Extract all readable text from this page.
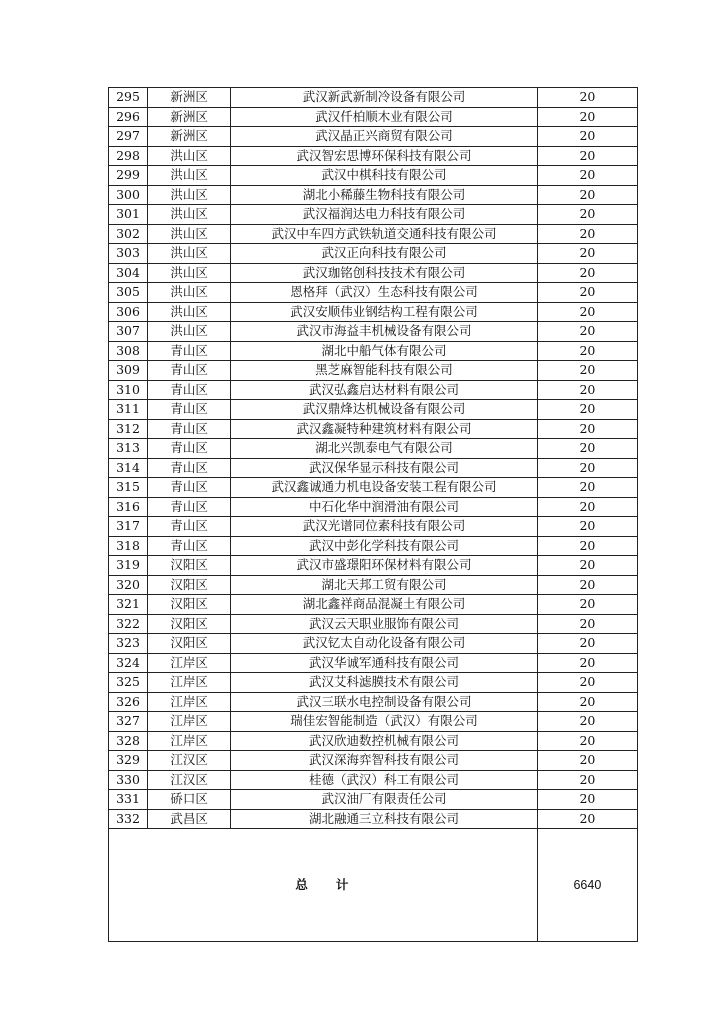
295	新洲区	武汉新武新制冷设备有限公司	20
296	新洲区	武汉仟柏顺木业有限公司	20
297	新洲区	武汉晶正兴商贸有限公司	20
298	洪山区	武汉智宏思博环保科技有限公司	20
299	洪山区	武汉中棋科技有限公司	20
300	洪山区	湖北小稀藤生物科技有限公司	20
301	洪山区	武汉福润达电力科技有限公司	20
302	洪山区	武汉中车四方武铁轨道交通科技有限公司	20
303	洪山区	武汉正向科技有限公司	20
304	洪山区	武汉珈铭创科技技术有限公司	20
305	洪山区	恩格拜（武汉）生态科技有限公司	20
306	洪山区	武汉安顺伟业钢结构工程有限公司	20
307	洪山区	武汉市海益丰机械设备有限公司	20
308	青山区	湖北中船气体有限公司	20
309	青山区	黑芝麻智能科技有限公司	20
310	青山区	武汉弘鑫启达材料有限公司	20
311	青山区	武汉鼎烽达机械设备有限公司	20
312	青山区	武汉鑫凝特种建筑材料有限公司	20
313	青山区	湖北兴凯泰电气有限公司	20
314	青山区	武汉保华显示科技有限公司	20
315	青山区	武汉鑫诚通力机电设备安装工程有限公司	20
316	青山区	中石化华中润滑油有限公司	20
317	青山区	武汉光谱同位素科技有限公司	20
318	青山区	武汉中彭化学科技有限公司	20
319	汉阳区	武汉市盛璟阳环保材料有限公司	20
320	汉阳区	湖北天邦工贸有限公司	20
321	汉阳区	湖北鑫祥商品混凝土有限公司	20
322	汉阳区	武汉云天职业服饰有限公司	20
323	汉阳区	武汉钇太自动化设备有限公司	20
324	江岸区	武汉华诚军通科技有限公司	20
325	江岸区	武汉艾科滤膜技术有限公司	20
326	江岸区	武汉三联水电控制设备有限公司	20
327	江岸区	瑞佳宏智能制造（武汉）有限公司	20
328	江岸区	武汉欣迪数控机械有限公司	20
329	江汉区	武汉深海弈智科技有限公司	20
330	江汉区	桂德（武汉）科工有限公司	20
331	硚口区	武汉油厂有限责任公司	20
332	武昌区	湖北融通三立科技有限公司	20
总 计			6640
